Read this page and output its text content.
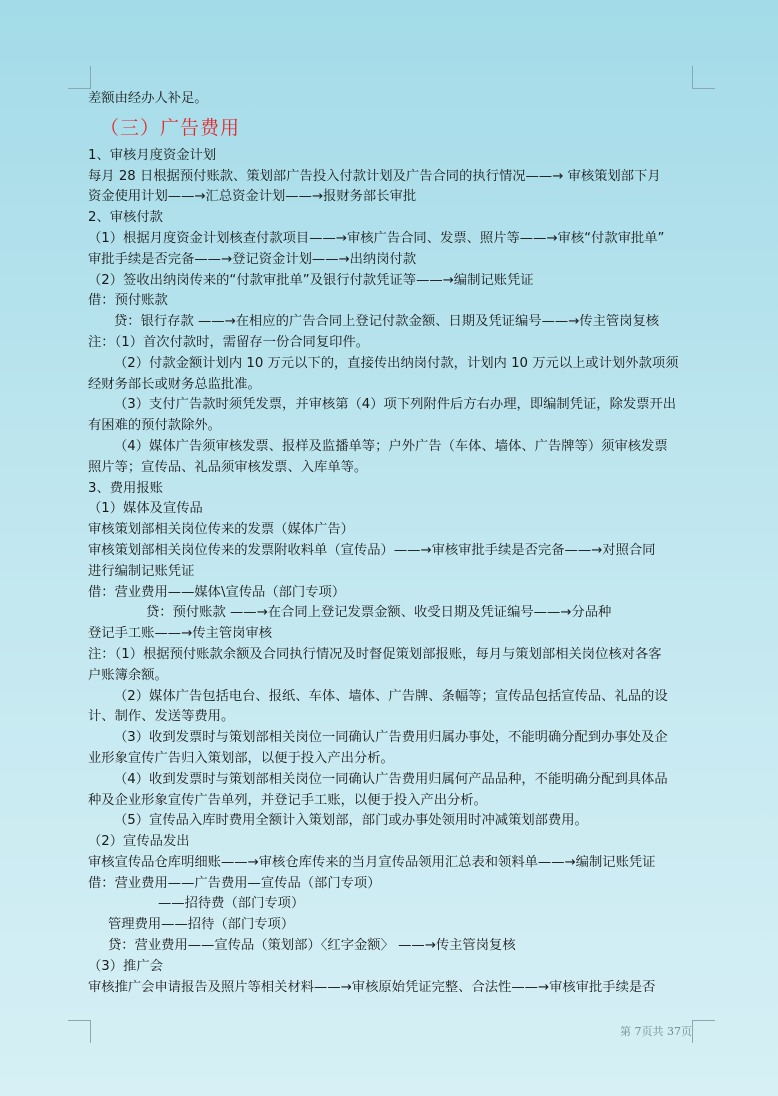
差额由经办人补足。
（三）广告费用
1、审核月度资金计划
每月 28 日根据预付账款、策划部广告投入付款计划及广告合同的执行情况——→ 审核策划部下月
资金使用计划——→汇总资金计划——→报财务部长审批
2、审核付款
（1）根据月度资金计划核查付款项目——→审核广告合同、发票、照片等——→审核“付款审批单”
审批手续是否完备——→登记资金计划——→出纳岗付款
（2）签收出纳岗传来的“付款审批单”及银行付款凭证等——→编制记账凭证
借：预付账款
贷：银行存款 ——→在相应的广告合同上登记付款金额、日期及凭证编号——→传主管岗复核
注：（1）首次付款时，需留存一份合同复印件。
（2）付款金额计划内 10 万元以下的，直接传出纳岗付款，计划内 10 万元以上或计划外款项须
经财务部长或财务总监批准。
（3）支付广告款时须凭发票，并审核第（4）项下列附件后方右办理，即编制凭证，除发票开出
有困难的预付款除外。
（4）媒体广告须审核发票、报样及监播单等；户外广告（车体、墙体、广告牌等）须审核发票
照片等；宣传品、礼品须审核发票、入库单等。
3、费用报账
（1）媒体及宣传品
审核策划部相关岗位传来的发票（媒体广告）
审核策划部相关岗位传来的发票附收料单（宣传品）——→审核审批手续是否完备——→对照合同
进行编制记账凭证
借：营业费用——媒体\宣传品（部门专项）
贷：预付账款 ——→在合同上登记发票金额、收受日期及凭证编号——→分品种
登记手工账——→传主管岗审核
注：（1）根据预付账款余额及合同执行情况及时督促策划部报账，每月与策划部相关岗位核对各客
户账簿余额。
（2）媒体广告包括电台、报纸、车体、墙体、广告牌、条幅等；宣传品包括宣传品、礼品的设
计、制作、发送等费用。
（3）收到发票时与策划部相关岗位一同确认广告费用归属办事处，不能明确分配到办事处及企
业形象宣传广告归入策划部，以便于投入产出分析。
（4）收到发票时与策划部相关岗位一同确认广告费用归属何产品品种，不能明确分配到具体品
种及企业形象宣传广告单列，并登记手工账，以便于投入产出分析。
（5）宣传品入库时费用全额计入策划部，部门或办事处领用时冲减策划部费用。
（2）宣传品发出
审核宣传品仓库明细账——→审核仓库传来的当月宣传品领用汇总表和领料单——→编制记账凭证
借：营业费用——广告费用—宣传品（部门专项）
——招待费（部门专项）
管理费用——招待（部门专项）
贷：营业费用——宣传品（策划部）〈红字金额〉 ——→传主管岗复核
（3）推广会
审核推广会申请报告及照片等相关材料——→审核原始凭证完整、合法性——→审核审批手续是否
第 7页共 37页
